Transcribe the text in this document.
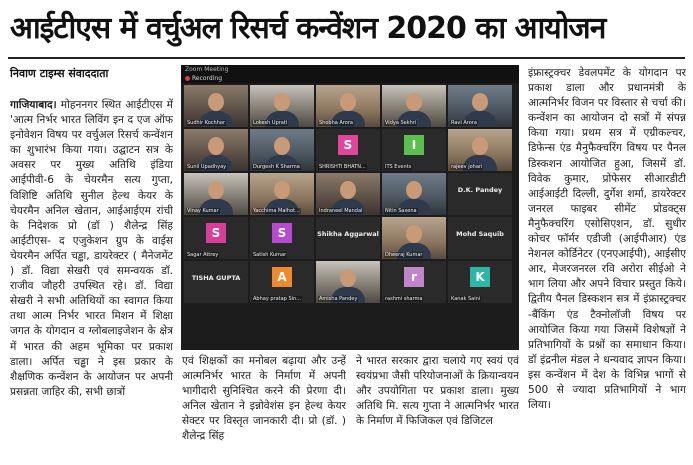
आईटीएस में वर्चुअल रिसर्च कन्वेंशन 2020 का आयोजन
निवाण टाइम्स संवाददाता
गाजियाबाद। मोहननगर स्थित आईटीएस में 'आत्म निर्भर भारत लिविंग इन द एज ऑफ इनोवेशन विषय पर वर्चुअल रिसर्च कन्वेंशन का शुभारंभ किया गया। उद्घाटन सत्र के अवसर पर मुख्य अतिथि इंडिया आईपीवी-6 के चेयरमैन सत्य गुप्ता, विशिष्टि अतिथि सुनील हेल्थ केयर के चेयरमैन अनिल खेतान, आईआईएम रांची के निदेशक प्रो (डॉ ) शैलेन्द्र सिंह आईटीएस- द एजुकेशन ग्रुप के वाईस चेयरमैन अर्पित चड्ढा, डायरेक्टर ( मैनेजमेंट ) डॉ. विद्या सेखरी एवं समन्वयक डॉ. राजीव जौहरी उपस्थित रहे। डॉ. विद्या सेखरी ने सभी अतिथियों का स्वागत किया तथा आत्म निर्भर भारत मिशन में शिक्षा जगत के योगदान व ग्लोबलाइजेशन के क्षेत्र में भारत की अहम भूमिका पर प्रकाश डाला। अर्पित चड्ढा ने इस प्रकार के शैक्षणिक कन्वेंशन के आयोजन पर अपनी प्रसन्नता जाहिर की, सभी छात्रों
Zoom Meeting
Recording
Sudhir Kochhar	Lokesh Uprati	Shobha Arora	Vidya Sekhri	Ravi Arora
Sunil Upadhyay	Durgesh K Sharma
S
SHRISHTI BHATN...
I
ITS Events	rajeev johari
Vinay Kumar	Yacchima Malhot...	Indraneel Mandal	Nitin Saxena
D.K. Pandey
S
Sagar Attrey
S
Satish Kumar
Shikha Aggarwal
Dheeraj Kumar
Mohd Saquib
TISHA GUPTA	A
Abhay pratap Sin...	Amisha Pandey
r
rashmi sharma
K
Kanak Saini
एवं शिक्षकों का मनोबल बढ़ाया और उन्हें आत्मनिर्भर भारत के निर्माण में अपनी भागीदारी सुनिश्चित करने की प्रेरणा दी। अनिल खेतान ने इन्नोवेशंस इन हेल्थ केयर सेक्टर पर विस्तृत जानकारी दी। प्रो (डॉ. ) शैलेन्द्र सिंह
ने भारत सरकार द्वारा चलाये गए स्वयं एवं स्वयंप्रभा जैसी परियोजनाओं के क्रियान्वयन और उपयोगिता पर प्रकाश डाला। मुख्य अतिथि मि. सत्य गुप्ता ने आत्मनिर्भर भारत के निर्माण में फिजिकल एवं डिजिटल
इंफ्रास्ट्रक्चर डेवलपमेंट के योगदान पर प्रकाश डाला और प्रधानमंत्री के आत्मनिर्भर विजन पर विस्तार से चर्चा की। कन्वेंशन का आयोजन दो सत्रों में संपन्न किया गया। प्रथम सत्र में एग्रीकल्चर, डिफेन्स एंड मैनुफैक्चरिंग विषय पर पैनल डिस्कशन आयोजित हुआ, जिसमें डॉ. विवेक कुमार, प्रोफेसर सीआरडीटी आईआईटी दिल्ली, दुर्गेश शर्मा, डायरेक्टर जनरल फाइबर सीमेंट प्रोडक्ट्स मैनुफैक्चरिंग एसोसिएशन, डॉ. सुधीर कोचर फॉर्मर एडीजी (आईपीआर) एंड नेशनल कोर्डिनेटर (एनएआईपी), आईसीए आर, मेजरजनरल रवि अरोरा सीईओ ने भाग लिया और अपने विचार प्रस्तुत किये। द्वितीय पैनल डिस्कशन सत्र में इंफ्रास्ट्रक्चर -बैंकिंग एंड टैक्नोलॉजी विषय पर आयोजित किया गया जिसमें विशेषज्ञों ने प्रतिभागियों के प्रश्नों का समाधान किया। डॉ इंद्रनील मंडल ने धन्यवाद ज्ञापन किया। इस कन्वेंशन में देश के विभिन्न भागों से 500 से ज्यादा प्रतिभागियों ने भाग लिया।
